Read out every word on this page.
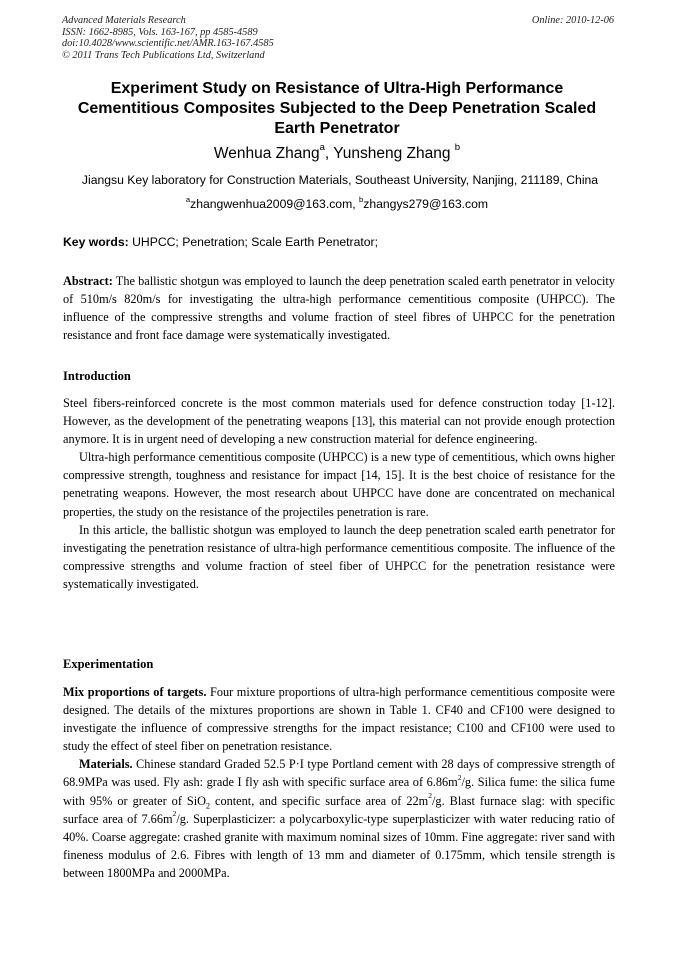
Advanced Materials Research
ISSN: 1662-8985, Vols. 163-167, pp 4585-4589
doi:10.4028/www.scientific.net/AMR.163-167.4585
© 2011 Trans Tech Publications Ltd, Switzerland
Online: 2010-12-06
Experiment Study on Resistance of Ultra-High Performance Cementitious Composites Subjected to the Deep Penetration Scaled Earth Penetrator
Wenhua Zhang$^a$, Yunsheng Zhang $^b$
Jiangsu Key laboratory for Construction Materials, Southeast University, Nanjing, 211189, China
$^a$zhangwenhua2009@163.com, $^b$zhangys279@163.com
Key words: UHPCC; Penetration; Scale Earth Penetrator;

Abstract: The ballistic shotgun was employed to launch the deep penetration scaled earth penetrator in velocity of 510m/s 820m/s for investigating the ultra-high performance cementitious composite (UHPCC). The influence of the compressive strengths and volume fraction of steel fibres of UHPCC for the penetration resistance and front face damage were systematically investigated.

Introduction

Steel fibers-reinforced concrete is the most common materials used for defence construction today [1-12]. However, as the development of the penetrating weapons [13], this material can not provide enough protection anymore. It is in urgent need of developing a new construction material for defence engineering.

Ultra-high performance cementitious composite (UHPCC) is a new type of cementitious, which owns higher compressive strength, toughness and resistance for impact [14, 15]. It is the best choice of resistance for the penetrating weapons. However, the most research about UHPCC have done are concentrated on mechanical properties, the study on the resistance of the projectiles penetration is rare.

In this article, the ballistic shotgun was employed to launch the deep penetration scaled earth penetrator for investigating the penetration resistance of ultra-high performance cementitious composite. The influence of the compressive strengths and volume fraction of steel fiber of UHPCC for the penetration resistance were systematically investigated.

Experimentation

Mix proportions of targets. Four mixture proportions of ultra-high performance cementitious composite were designed. The details of the mixtures proportions are shown in Table 1. CF40 and CF100 were designed to investigate the influence of compressive strengths for the impact resistance; C100 and CF100 were used to study the effect of steel fiber on penetration resistance.

Materials. Chinese standard Graded 52.5 P·I type Portland cement with 28 days of compressive strength of 68.9MPa was used. Fly ash: grade I fly ash with specific surface area of $6.86m^2/g$. Silica fume: the silica fume with 95% or greater of SiO$_2$ content, and specific surface area of $22m^2/g$. Blast furnace slag: with specific surface area of $7.66m^2/g$. Superplasticizer: a polycarboxylic-type superplasticizer with water reducing ratio of 40%. Coarse aggregate: crashed granite with maximum nominal sizes of 10mm. Fine aggregate: river sand with fineness modulus of 2.6. Fibres with length of 13 mm and diameter of 0.175mm, which tensile strength is between 1800MPa and 2000MPa.
